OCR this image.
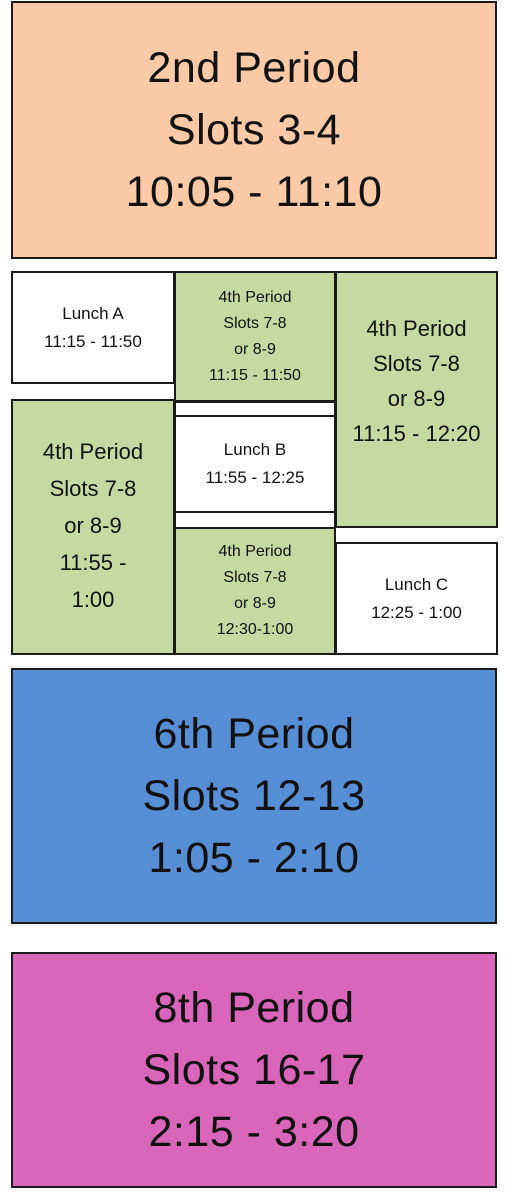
2nd Period
Slots 3-4
10:05 - 11:10
Lunch A
11:15 - 11:50
4th Period
Slots 7-8
or 8-9
11:15 - 11:50
4th Period
Slots 7-8
or 8-9
11:15 - 12:20
4th Period
Slots 7-8
or 8-9
11:55 -
1:00
Lunch B
11:55 - 12:25
4th Period
Slots 7-8
or 8-9
12:30-1:00
Lunch C
12:25 - 1:00
6th Period
Slots 12-13
1:05 - 2:10
8th Period
Slots 16-17
2:15 - 3:20
